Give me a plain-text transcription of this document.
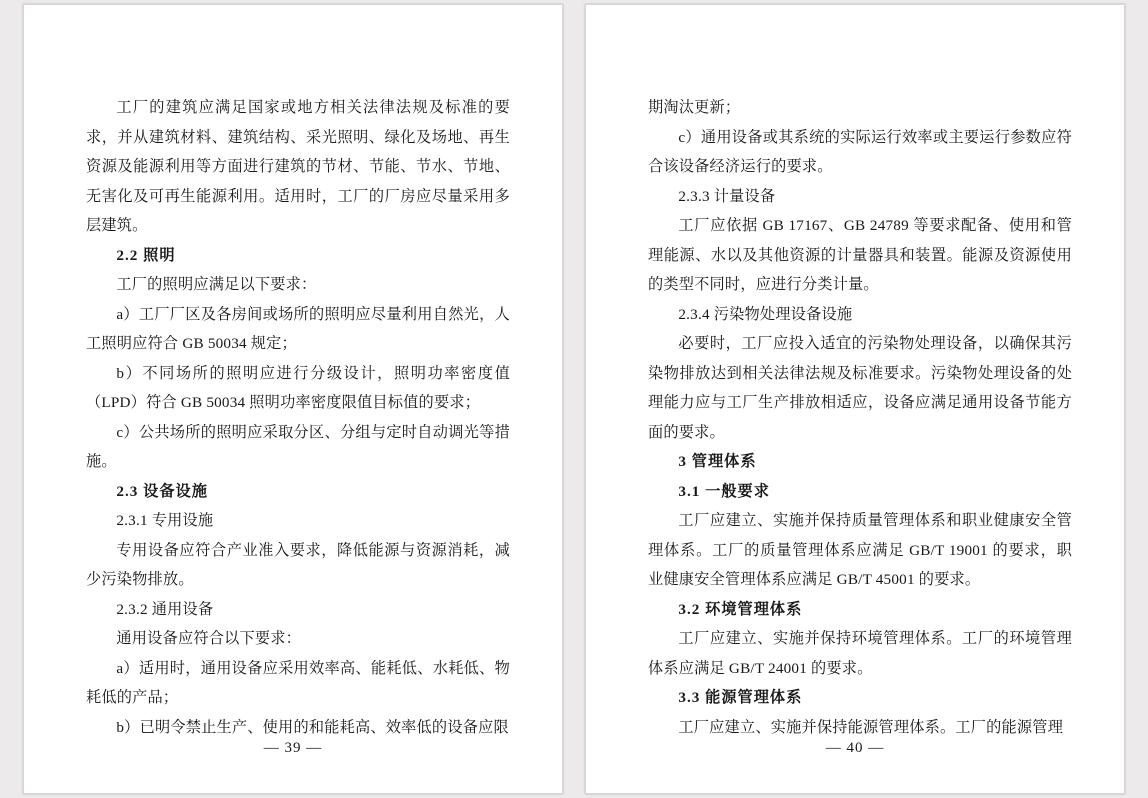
工厂的建筑应满足国家或地方相关法律法规及标准的要求，并从建筑材料、建筑结构、采光照明、绿化及场地、再生资源及能源利用等方面进行建筑的节材、节能、节水、节地、无害化及可再生能源利用。适用时，工厂的厂房应尽量采用多层建筑。

2.2 照明

工厂的照明应满足以下要求：

a）工厂厂区及各房间或场所的照明应尽量利用自然光，人工照明应符合 GB 50034 规定；

b）不同场所的照明应进行分级设计，照明功率密度值（LPD）符合 GB 50034 照明功率密度限值目标值的要求；

c）公共场所的照明应采取分区、分组与定时自动调光等措施。

2.3 设备设施

2.3.1 专用设施

专用设备应符合产业准入要求，降低能源与资源消耗，减少污染物排放。

2.3.2 通用设备

通用设备应符合以下要求：

a）适用时，通用设备应采用效率高、能耗低、水耗低、物耗低的产品；

b）已明令禁止生产、使用的和能耗高、效率低的设备应限

— 39 —

期淘汰更新；

c）通用设备或其系统的实际运行效率或主要运行参数应符合该设备经济运行的要求。

2.3.3 计量设备

工厂应依据 GB 17167、GB 24789 等要求配备、使用和管理能源、水以及其他资源的计量器具和装置。能源及资源使用的类型不同时，应进行分类计量。

2.3.4 污染物处理设备设施

必要时，工厂应投入适宜的污染物处理设备，以确保其污染物排放达到相关法律法规及标准要求。污染物处理设备的处理能力应与工厂生产排放相适应，设备应满足通用设备节能方面的要求。

3 管理体系

3.1 一般要求

工厂应建立、实施并保持质量管理体系和职业健康安全管理体系。工厂的质量管理体系应满足 GB/T 19001 的要求，职业健康安全管理体系应满足 GB/T 45001 的要求。

3.2 环境管理体系

工厂应建立、实施并保持环境管理体系。工厂的环境管理体系应满足 GB/T 24001 的要求。

3.3 能源管理体系

工厂应建立、实施并保持能源管理体系。工厂的能源管理

— 40 —
